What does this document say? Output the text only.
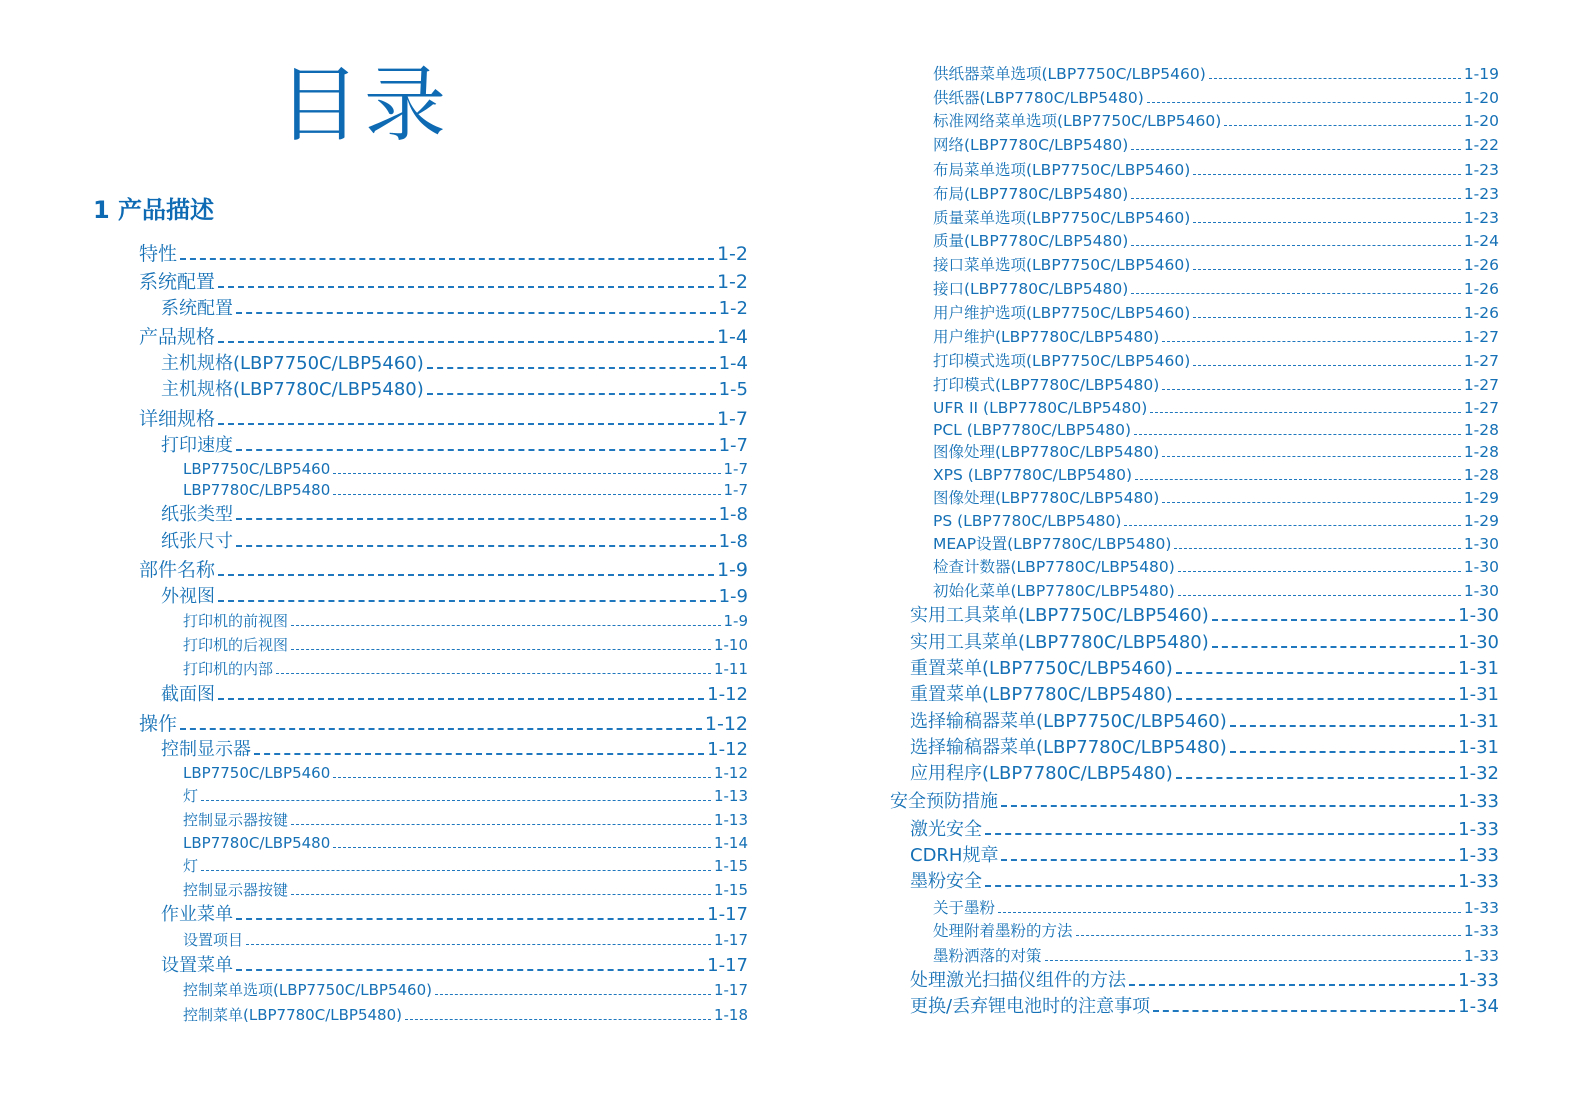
目录
1 产品描述
特性	1-2
系统配置	1-2
系统配置	1-2
产品规格	1-4
主机规格(LBP7750C/LBP5460)	1-4
主机规格(LBP7780C/LBP5480)	1-5
详细规格	1-7
打印速度	1-7
LBP7750C/LBP5460	1-7
LBP7780C/LBP5480	1-7
纸张类型	1-8
纸张尺寸	1-8
部件名称	1-9
外视图	1-9
打印机的前视图	1-9
打印机的后视图	1-10
打印机的内部	1-11
截面图	1-12
操作	1-12
控制显示器	1-12
LBP7750C/LBP5460	1-12
灯	1-13
控制显示器按键	1-13
LBP7780C/LBP5480	1-14
灯	1-15
控制显示器按键	1-15
作业菜单	1-17
设置项目	1-17
设置菜单	1-17
控制菜单选项(LBP7750C/LBP5460)	1-17
控制菜单(LBP7780C/LBP5480)	1-18
供纸器菜单选项(LBP7750C/LBP5460)	1-19
供纸器(LBP7780C/LBP5480)	1-20
标准网络菜单选项(LBP7750C/LBP5460)	1-20
网络(LBP7780C/LBP5480)	1-22
布局菜单选项(LBP7750C/LBP5460)	1-23
布局(LBP7780C/LBP5480)	1-23
质量菜单选项(LBP7750C/LBP5460)	1-23
质量(LBP7780C/LBP5480)	1-24
接口菜单选项(LBP7750C/LBP5460)	1-26
接口(LBP7780C/LBP5480)	1-26
用户维护选项(LBP7750C/LBP5460)	1-26
用户维护(LBP7780C/LBP5480)	1-27
打印模式选项(LBP7750C/LBP5460)	1-27
打印模式(LBP7780C/LBP5480)	1-27
UFR II (LBP7780C/LBP5480)	1-27
PCL (LBP7780C/LBP5480)	1-28
图像处理(LBP7780C/LBP5480)	1-28
XPS (LBP7780C/LBP5480)	1-28
图像处理(LBP7780C/LBP5480)	1-29
PS (LBP7780C/LBP5480)	1-29
MEAP设置(LBP7780C/LBP5480)	1-30
检查计数器(LBP7780C/LBP5480)	1-30
初始化菜单(LBP7780C/LBP5480)	1-30
实用工具菜单(LBP7750C/LBP5460)	1-30
实用工具菜单(LBP7780C/LBP5480)	1-30
重置菜单(LBP7750C/LBP5460)	1-31
重置菜单(LBP7780C/LBP5480)	1-31
选择输稿器菜单(LBP7750C/LBP5460)	1-31
选择输稿器菜单(LBP7780C/LBP5480)	1-31
应用程序(LBP7780C/LBP5480)	1-32
安全预防措施	1-33
激光安全	1-33
CDRH规章	1-33
墨粉安全	1-33
关于墨粉	1-33
处理附着墨粉的方法	1-33
墨粉洒落的对策	1-33
处理激光扫描仪组件的方法	1-33
更换/丢弃锂电池时的注意事项	1-34
